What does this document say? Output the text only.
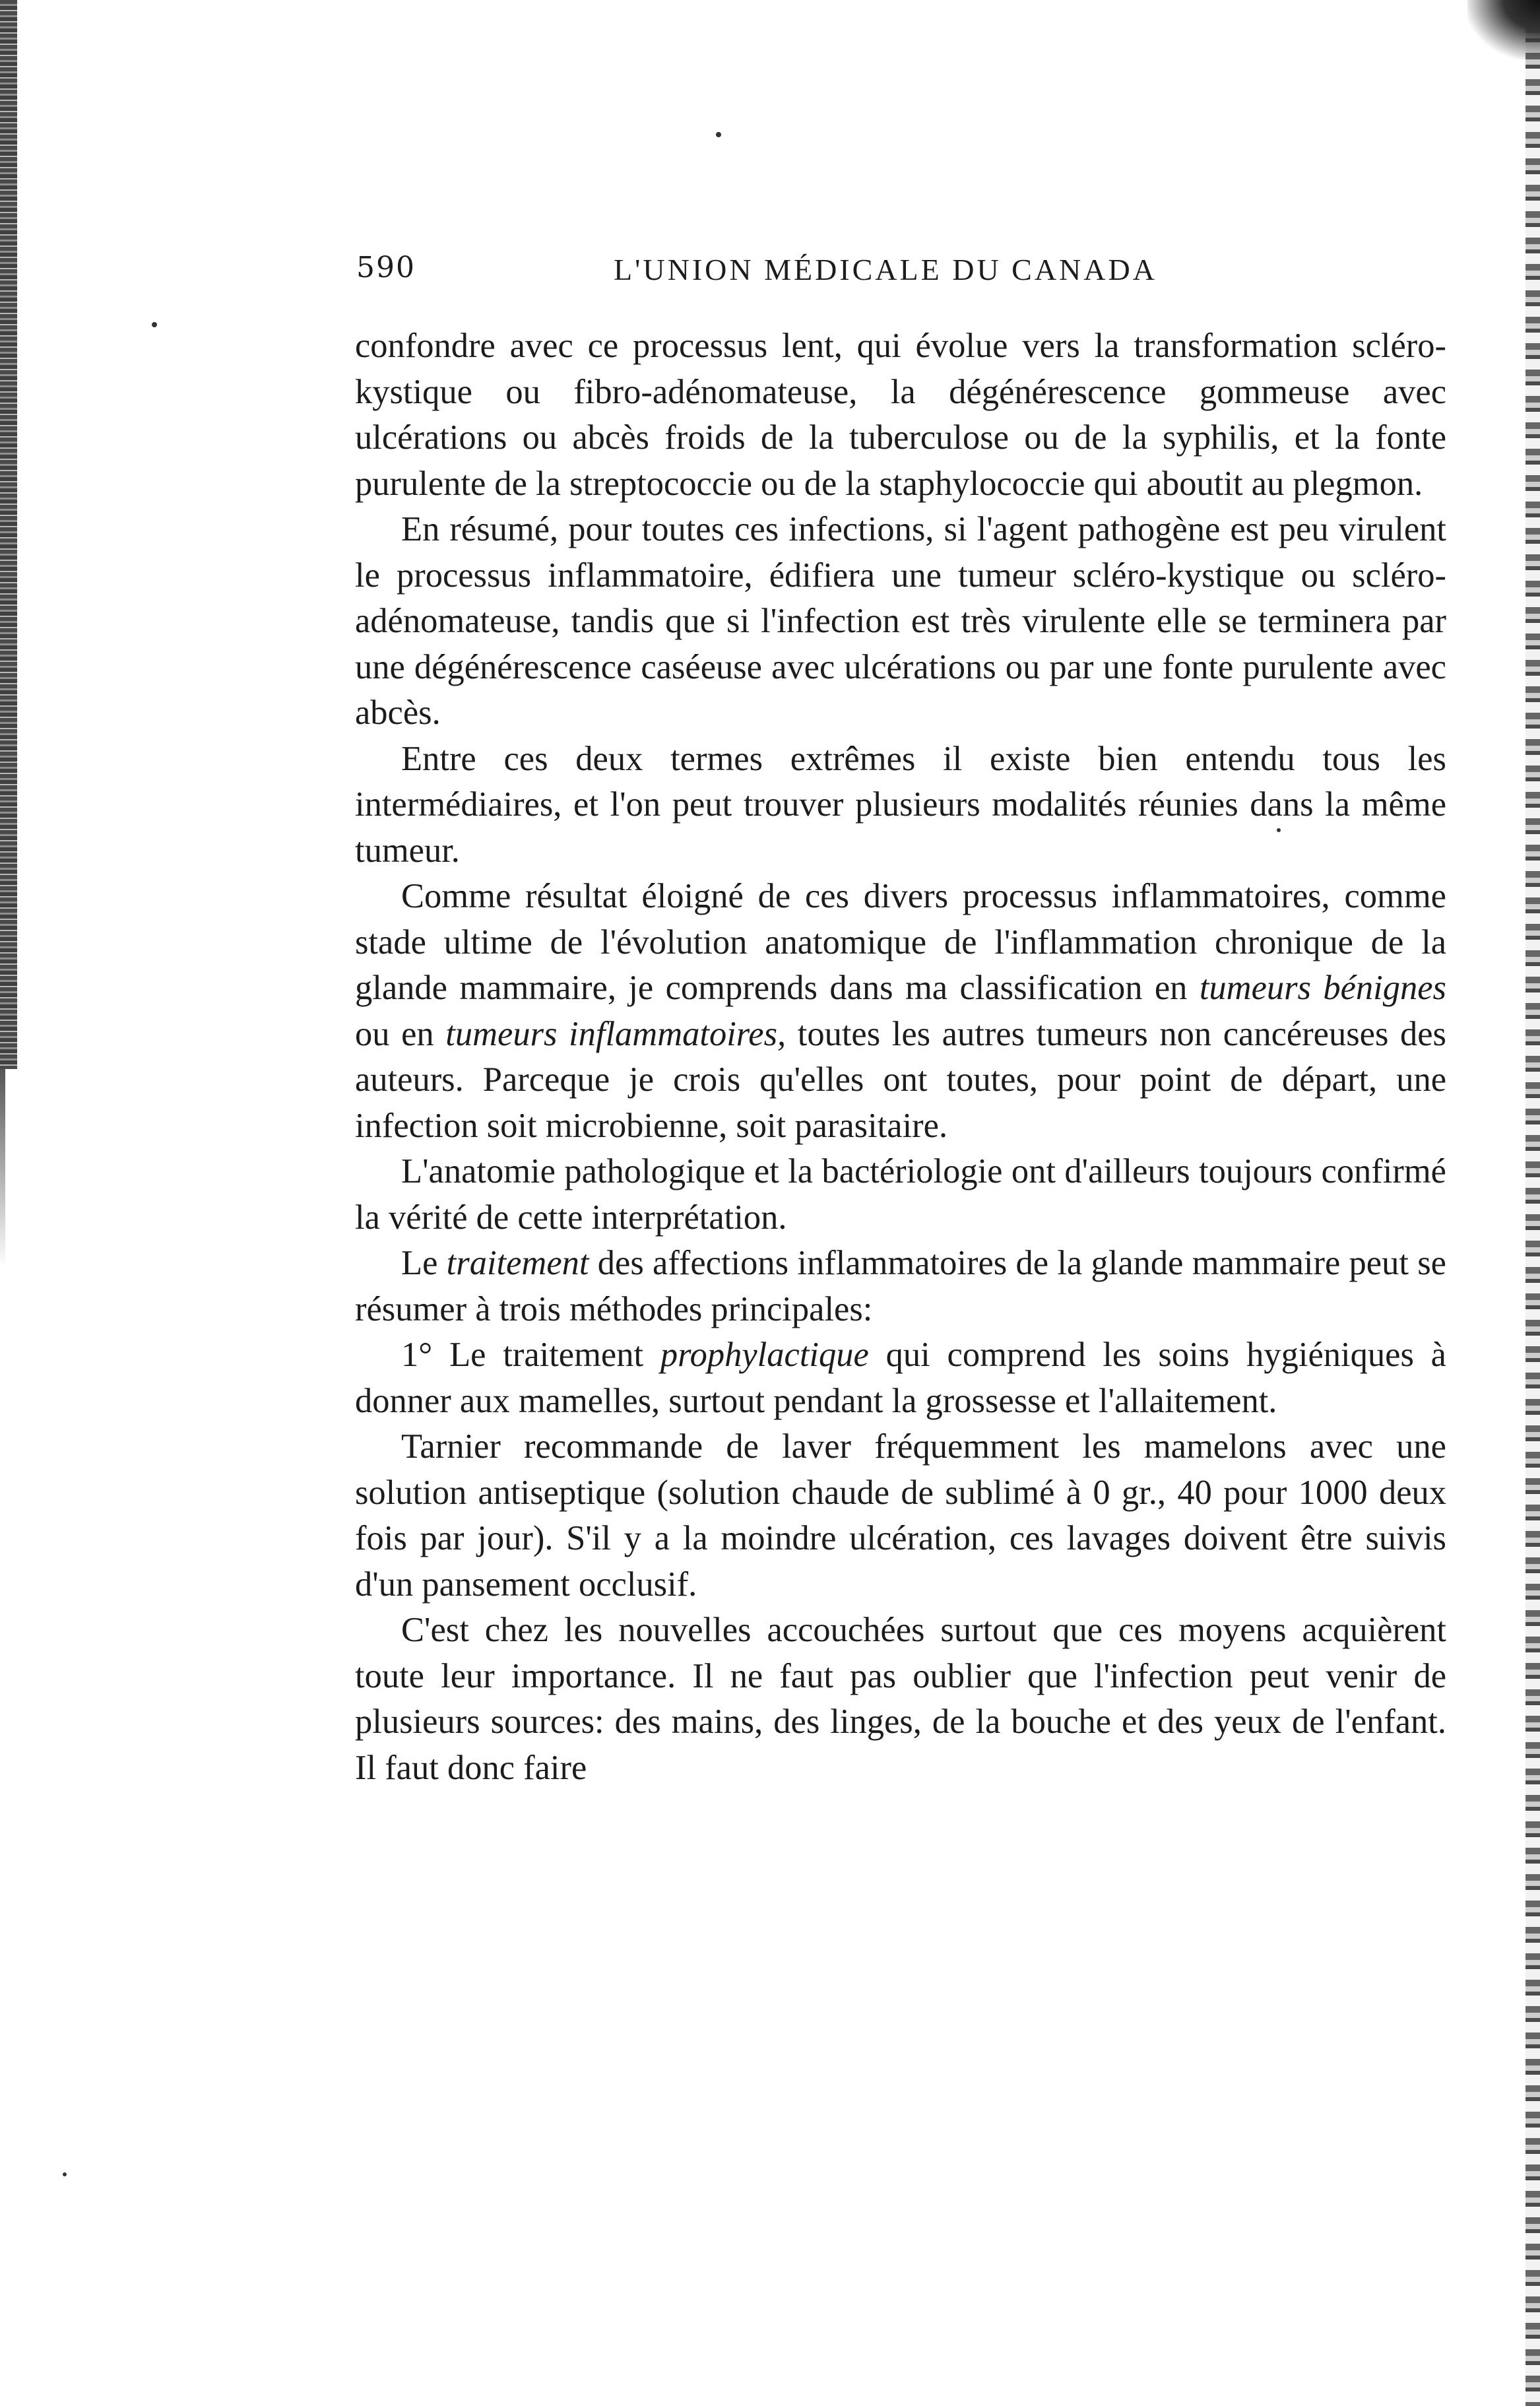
590	L'UNION MÉDICALE DU CANADA

confondre avec ce processus lent, qui évolue vers la transformation scléro-kystique ou fibro-adénomateuse, la dégénérescence gommeuse avec ulcérations ou abcès froids de la tuberculose ou de la syphilis, et la fonte purulente de la streptococcie ou de la staphylococcie qui aboutit au plegmon.

En résumé, pour toutes ces infections, si l'agent pathogène est peu virulent le processus inflammatoire, édifiera une tumeur scléro-kystique ou scléro-adénomateuse, tandis que si l'infection est très virulente elle se terminera par une dégénérescence caséeuse avec ulcérations ou par une fonte purulente avec abcès.

Entre ces deux termes extrêmes il existe bien entendu tous les intermédiaires, et l'on peut trouver plusieurs modalités réunies dans la même tumeur.

Comme résultat éloigné de ces divers processus inflammatoires, comme stade ultime de l'évolution anatomique de l'inflammation chronique de la glande mammaire, je comprends dans ma classification en tumeurs bénignes ou en tumeurs inflammatoires, toutes les autres tumeurs non cancéreuses des auteurs. Parceque je crois qu'elles ont toutes, pour point de départ, une infection soit microbienne, soit parasitaire.

L'anatomie pathologique et la bactériologie ont d'ailleurs toujours confirmé la vérité de cette interprétation.

Le traitement des affections inflammatoires de la glande mammaire peut se résumer à trois méthodes principales:

1° Le traitement prophylactique qui comprend les soins hygiéniques à donner aux mamelles, surtout pendant la grossesse et l'allaitement.

Tarnier recommande de laver fréquemment les mamelons avec une solution antiseptique (solution chaude de sublimé à 0 gr., 40 pour 1000 deux fois par jour). S'il y a la moindre ulcération, ces lavages doivent être suivis d'un pansement occlusif.

C'est chez les nouvelles accouchées surtout que ces moyens acquièrent toute leur importance. Il ne faut pas oublier que l'infection peut venir de plusieurs sources: des mains, des linges, de la bouche et des yeux de l'enfant. Il faut donc faire
